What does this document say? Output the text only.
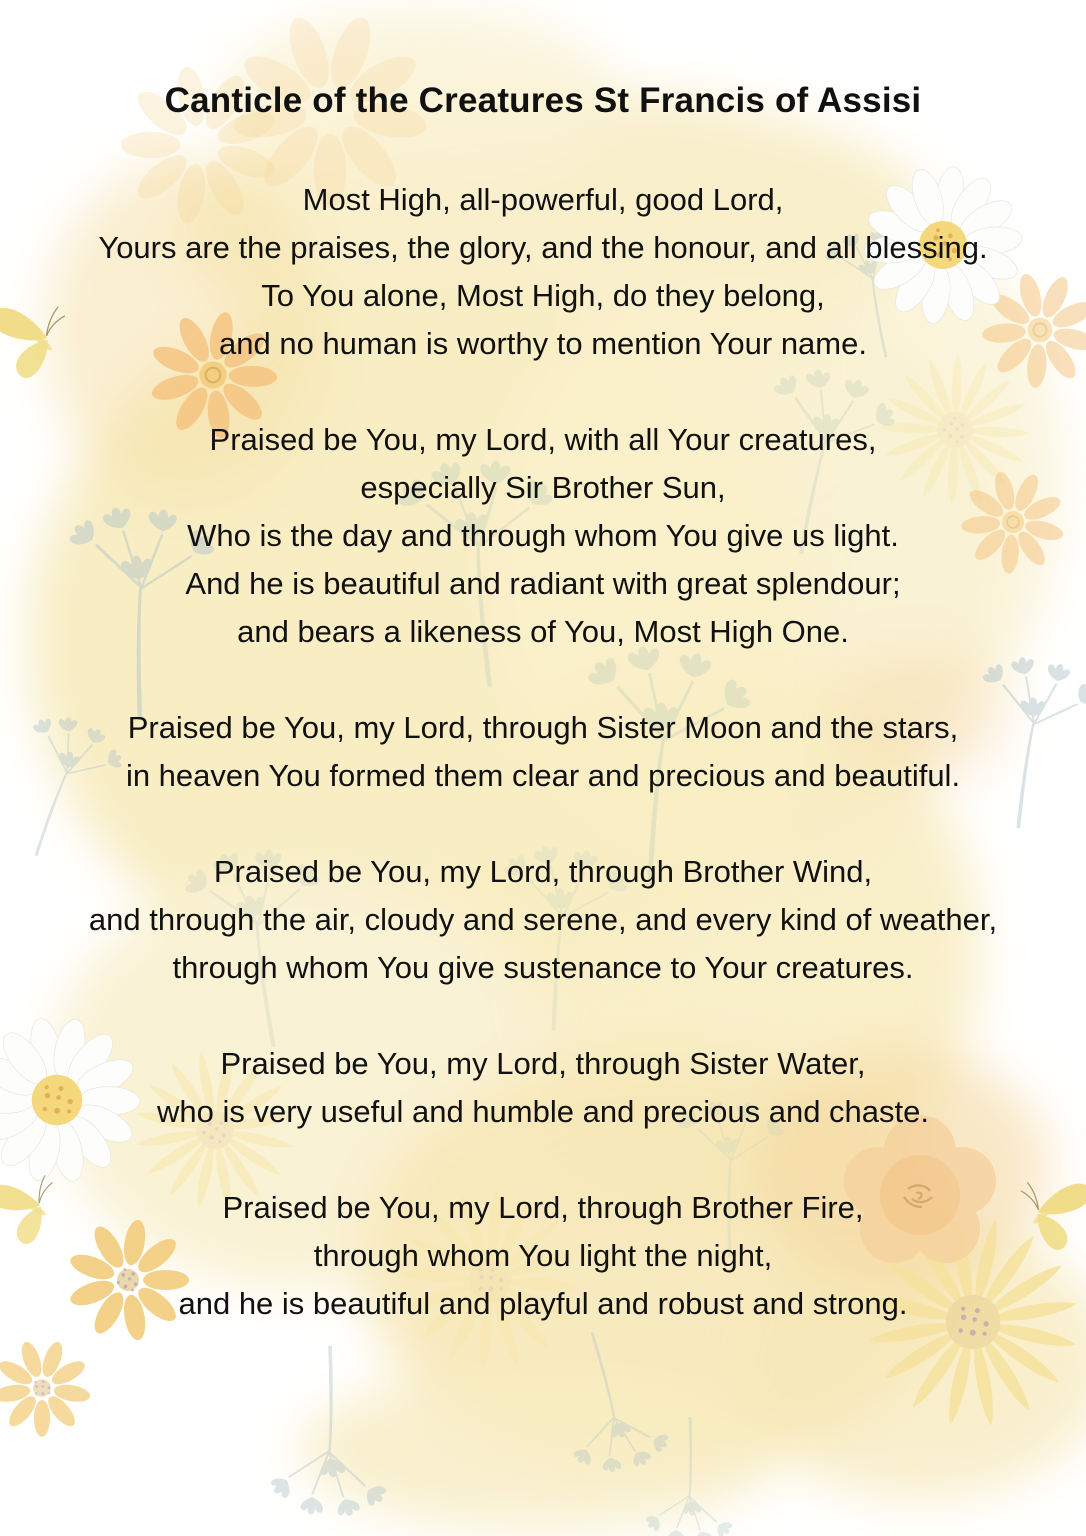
Canticle of the Creatures St Francis of Assisi

Most High, all-powerful, good Lord,
Yours are the praises, the glory, and the honour, and all blessing.
To You alone, Most High, do they belong,
and no human is worthy to mention Your name.

Praised be You, my Lord, with all Your creatures,
especially Sir Brother Sun,
Who is the day and through whom You give us light.
And he is beautiful and radiant with great splendour;
and bears a likeness of You, Most High One.

Praised be You, my Lord, through Sister Moon and the stars,
in heaven You formed them clear and precious and beautiful.

Praised be You, my Lord, through Brother Wind,
and through the air, cloudy and serene, and every kind of weather,
through whom You give sustenance to Your creatures.

Praised be You, my Lord, through Sister Water,
who is very useful and humble and precious and chaste.

Praised be You, my Lord, through Brother Fire,
through whom You light the night,
and he is beautiful and playful and robust and strong.
